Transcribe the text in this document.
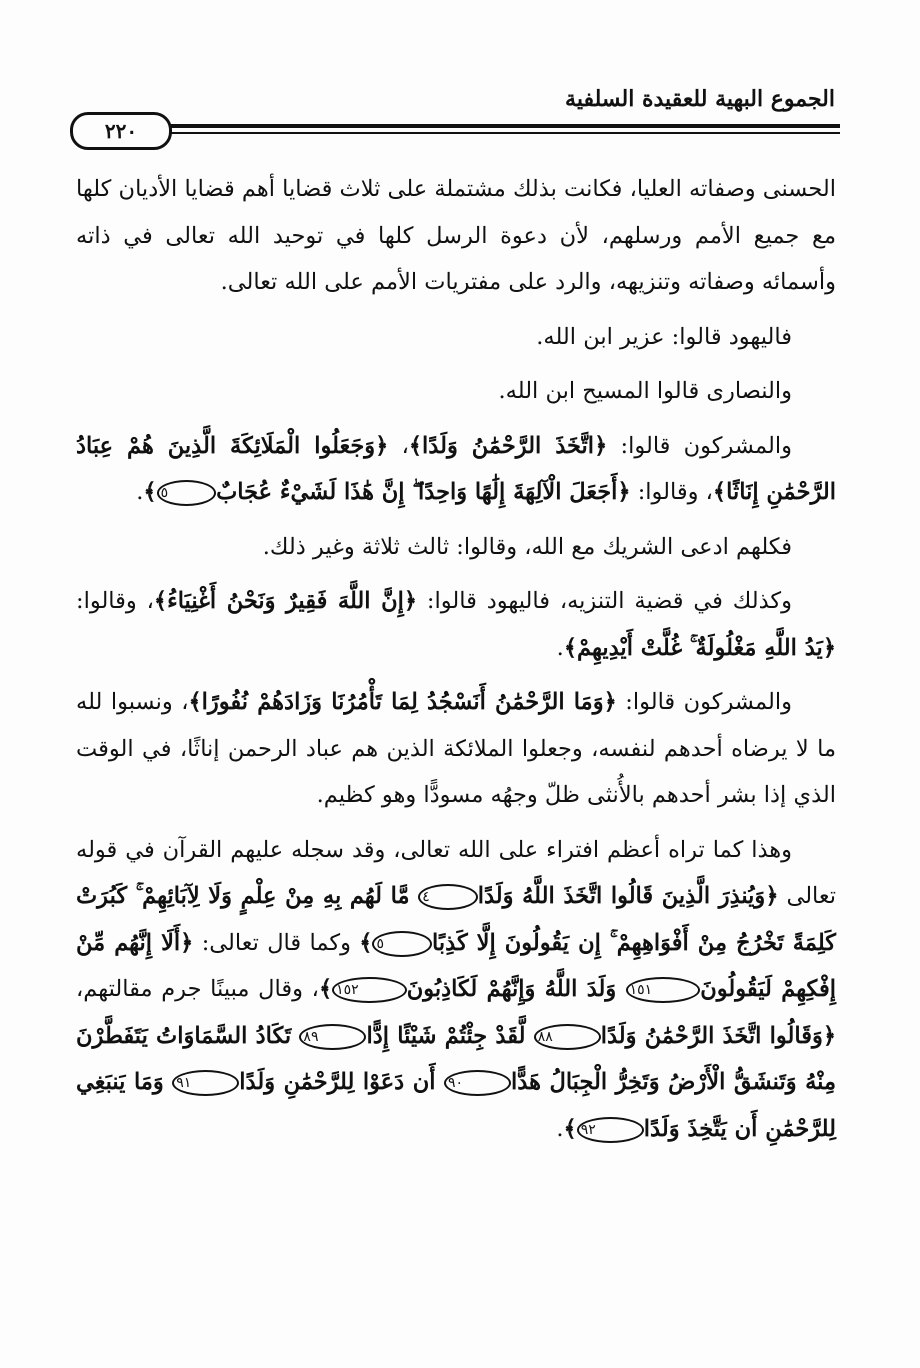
الجموع البهية للعقيدة السلفية
٢٢٠

الحسنى وصفاته العليا، فكانت بذلك مشتملة على ثلاث قضايا أهم قضايا الأديان كلها مع جميع الأمم ورسلهم، لأن دعوة الرسل كلها في توحيد الله تعالى في ذاته وأسمائه وصفاته وتنزيهه، والرد على مفتريات الأمم على الله تعالى.

فاليهود قالوا: عزير ابن الله.

والنصارى قالوا المسيح ابن الله.

والمشركون قالوا: ﴿اتَّخَذَ الرَّحْمَٰنُ وَلَدًا﴾، ﴿وَجَعَلُوا الْمَلَائِكَةَ الَّذِينَ هُمْ عِبَادُ الرَّحْمَٰنِ إِنَاثًا﴾، وقالوا: ﴿أَجَعَلَ الْآلِهَةَ إِلَٰهًا وَاحِدًا ۖ إِنَّ هَٰذَا لَشَيْءٌ عُجَابٌ٥﴾.

فكلهم ادعى الشريك مع الله، وقالوا: ثالث ثلاثة وغير ذلك.

وكذلك في قضية التنزيه، فاليهود قالوا: ﴿إِنَّ اللَّهَ فَقِيرٌ وَنَحْنُ أَغْنِيَاءُ﴾، وقالوا: ﴿يَدُ اللَّهِ مَغْلُولَةٌ ۚ غُلَّتْ أَيْدِيهِمْ﴾.

والمشركون قالوا: ﴿وَمَا الرَّحْمَٰنُ أَنَسْجُدُ لِمَا تَأْمُرُنَا وَزَادَهُمْ نُفُورًا﴾، ونسبوا لله ما لا يرضاه أحدهم لنفسه، وجعلوا الملائكة الذين هم عباد الرحمن إناثًا، في الوقت الذي إذا بشر أحدهم بالأُنثى ظلّ وجهُه مسودًّا وهو كظيم.

وهذا كما تراه أعظم افتراء على الله تعالى، وقد سجله عليهم القرآن في قوله تعالى ﴿وَيُنذِرَ الَّذِينَ قَالُوا اتَّخَذَ اللَّهُ وَلَدًا٤ مَّا لَهُم بِهِ مِنْ عِلْمٍ وَلَا لِآبَائِهِمْ ۚ كَبُرَتْ كَلِمَةً تَخْرُجُ مِنْ أَفْوَاهِهِمْ ۚ إِن يَقُولُونَ إِلَّا كَذِبًا٥﴾ وكما قال تعالى: ﴿أَلَا إِنَّهُم مِّنْ إِفْكِهِمْ لَيَقُولُونَ١٥١ وَلَدَ اللَّهُ وَإِنَّهُمْ لَكَاذِبُونَ١٥٢﴾، وقال مبينًا جرم مقالتهم، ﴿وَقَالُوا اتَّخَذَ الرَّحْمَٰنُ وَلَدًا٨٨ لَّقَدْ جِئْتُمْ شَيْئًا إِدًّا٨٩ تَكَادُ السَّمَاوَاتُ يَتَفَطَّرْنَ مِنْهُ وَتَنشَقُّ الْأَرْضُ وَتَخِرُّ الْجِبَالُ هَدًّا٩٠ أَن دَعَوْا لِلرَّحْمَٰنِ وَلَدًا٩١ وَمَا يَنبَغِي لِلرَّحْمَٰنِ أَن يَتَّخِذَ وَلَدًا٩٢﴾.
